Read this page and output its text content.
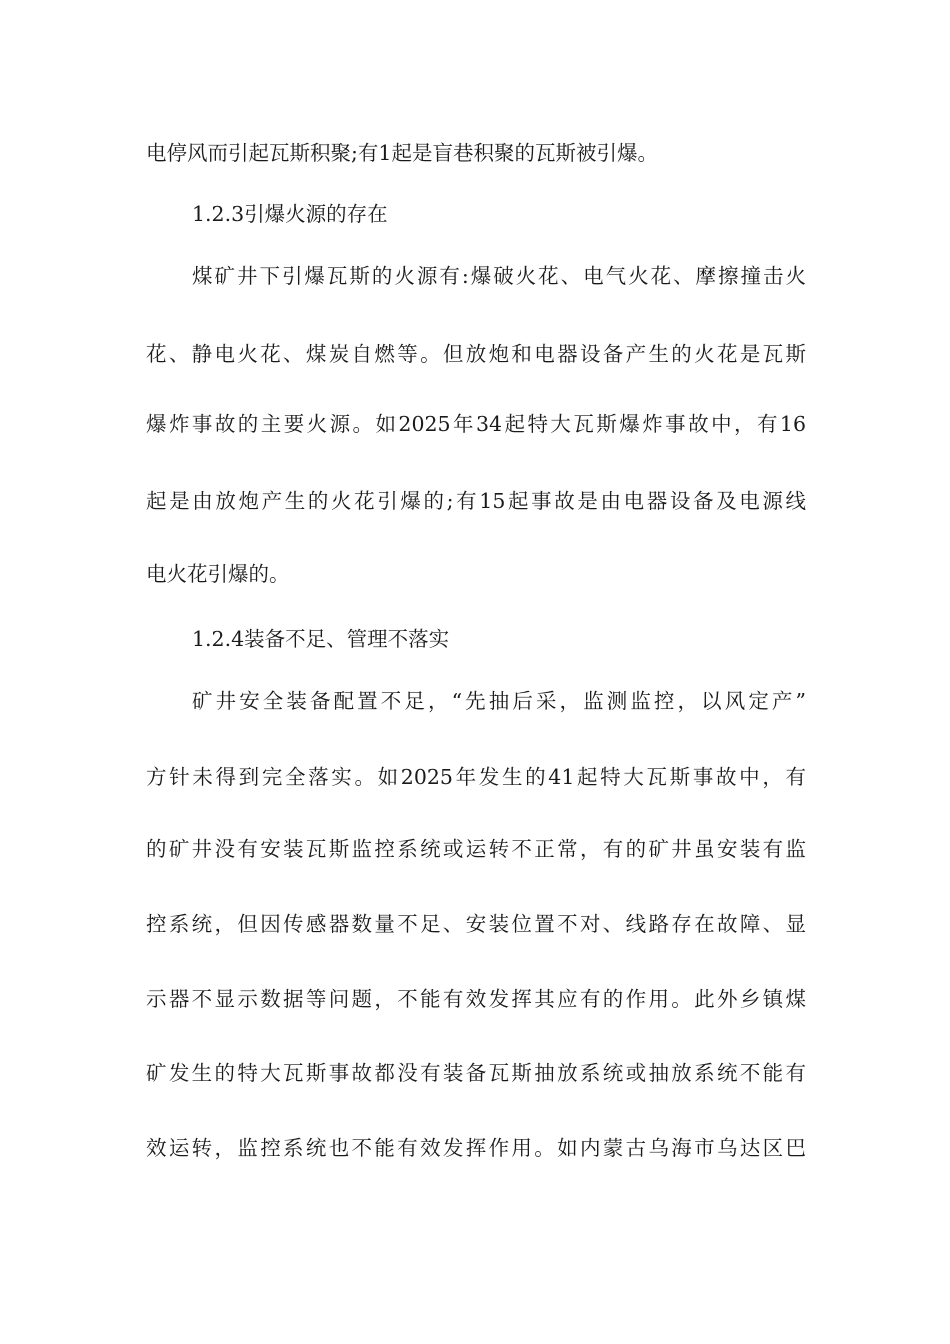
电停风而引起瓦斯积聚;有1起是盲巷积聚的瓦斯被引爆。
1.2.3引爆火源的存在
煤矿井下引爆瓦斯的火源有:爆破火花、电气火花、摩擦撞击火
花、静电火花、煤炭自燃等。但放炮和电器设备产生的火花是瓦斯
爆炸事故的主要火源。如2025年34起特大瓦斯爆炸事故中，有16
起是由放炮产生的火花引爆的;有15起事故是由电器设备及电源线
电火花引爆的。
1.2.4装备不足、管理不落实
矿井安全装备配置不足，“先抽后采，监测监控，以风定产”
方针未得到完全落实。如2025年发生的41起特大瓦斯事故中，有
的矿井没有安装瓦斯监控系统或运转不正常，有的矿井虽安装有监
控系统，但因传感器数量不足、安装位置不对、线路存在故障、显
示器不显示数据等问题，不能有效发挥其应有的作用。此外乡镇煤
矿发生的特大瓦斯事故都没有装备瓦斯抽放系统或抽放系统不能有
效运转，监控系统也不能有效发挥作用。如内蒙古乌海市乌达区巴
